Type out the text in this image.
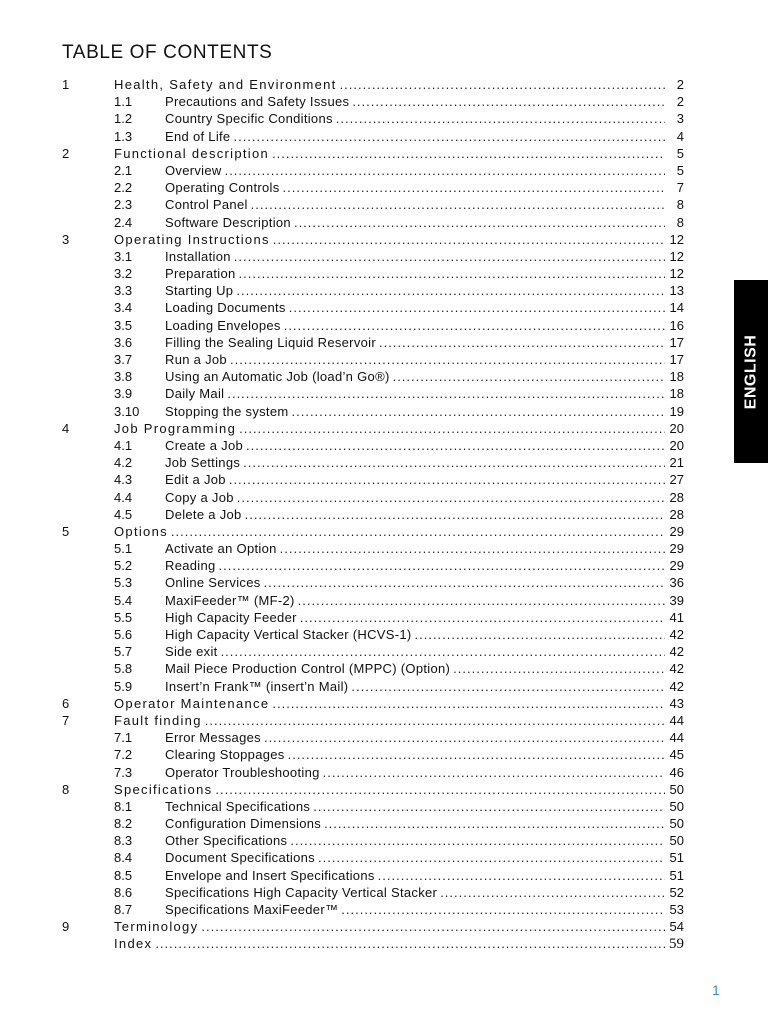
TABLE OF CONTENTS
1	Health, Safety and Environment .....	2
1.1	Precautions and Safety Issues .....	2
1.2	Country Specific Conditions .....	3
1.3	End of Life .....	4
2	Functional description .....	5
2.1	Overview .....	5
2.2	Operating Controls .....	7
2.3	Control Panel .....	8
2.4	Software Description .....	8
3	Operating Instructions .....	12
3.1	Installation .....	12
3.2	Preparation .....	12
3.3	Starting Up .....	13
3.4	Loading Documents .....	14
3.5	Loading Envelopes .....	16
3.6	Filling the Sealing Liquid Reservoir .....	17
3.7	Run a Job .....	17
3.8	Using an Automatic Job (load’n Go®) .....	18
3.9	Daily Mail .....	18
3.10	Stopping the system .....	19
4	Job Programming .....	20
4.1	Create a Job .....	20
4.2	Job Settings .....	21
4.3	Edit a Job .....	27
4.4	Copy a Job .....	28
4.5	Delete a Job .....	28
5	Options .....	29
5.1	Activate an Option .....	29
5.2	Reading .....	29
5.3	Online Services .....	36
5.4	MaxiFeeder™ (MF-2) .....	39
5.5	High Capacity Feeder .....	41
5.6	High Capacity Vertical Stacker (HCVS-1) .....	42
5.7	Side exit .....	42
5.8	Mail Piece Production Control (MPPC) (Option) .....	42
5.9	Insert’n Frank™ (insert’n Mail) .....	42
6	Operator Maintenance .....	43
7	Fault finding .....	44
7.1	Error Messages .....	44
7.2	Clearing Stoppages .....	45
7.3	Operator Troubleshooting .....	46
8	Specifications .....	50
8.1	Technical Specifications .....	50
8.2	Configuration Dimensions .....	50
8.3	Other Specifications .....	50
8.4	Document Specifications .....	51
8.5	Envelope and Insert Specifications .....	51
8.6	Specifications High Capacity Vertical Stacker .....	52
8.7	Specifications MaxiFeeder™ .....	53
9	Terminology .....	54
Index .....	59
ENGLISH
1
